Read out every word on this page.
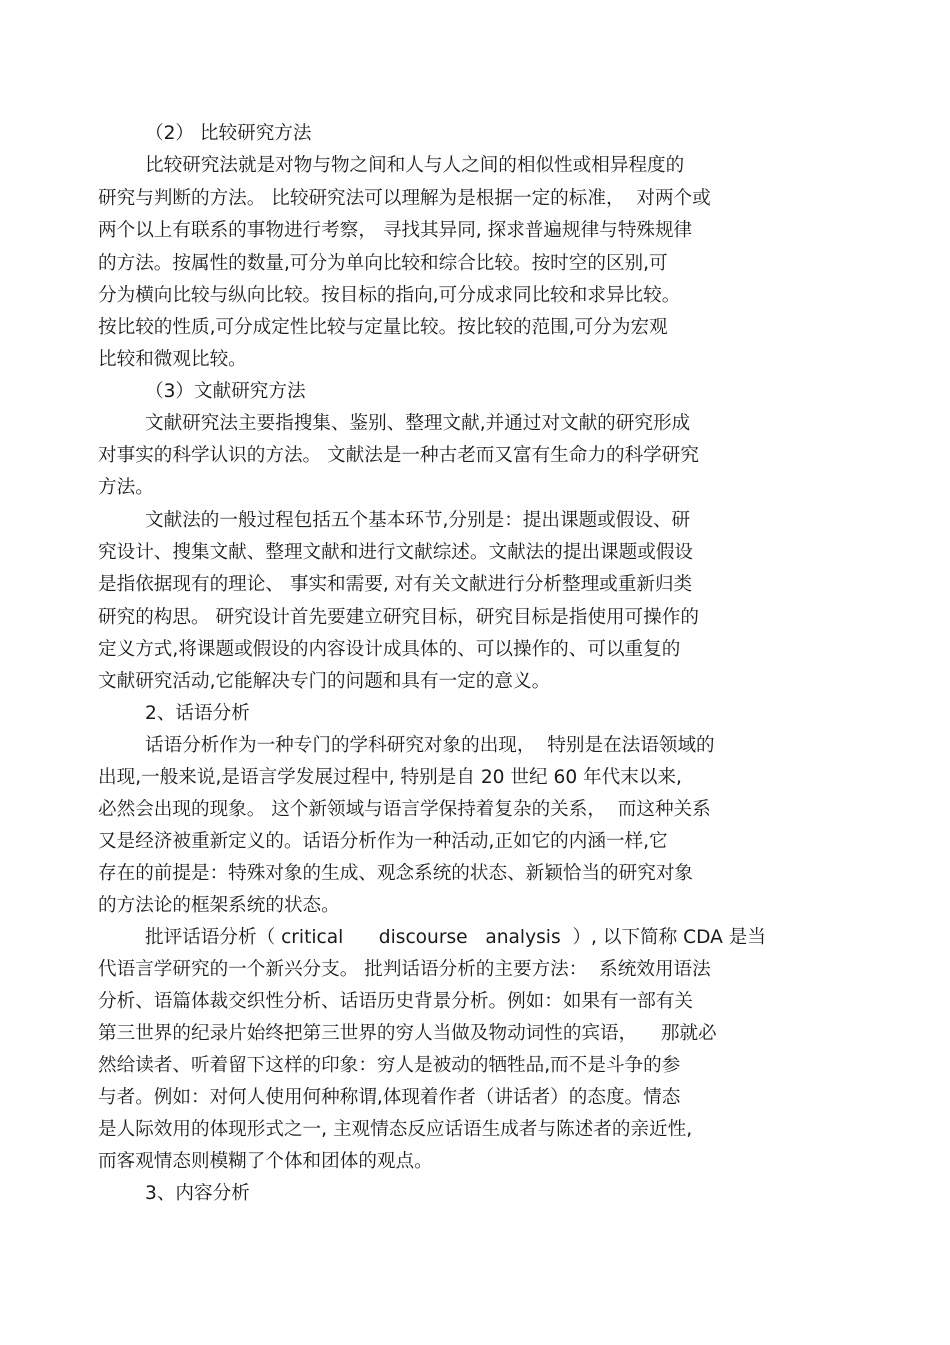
（2） 比较研究方法

比较研究法就是对物与物之间和人与人之间的相似性或相异程度的

研究与判断的方法。 比较研究法可以理解为是根据一定的标准，  对两个或

两个以上有联系的事物进行考察， 寻找其异同, 探求普遍规律与特殊规律

的方法。按属性的数量,可分为单向比较和综合比较。按时空的区别,可

分为横向比较与纵向比较。按目标的指向,可分成求同比较和求异比较。

按比较的性质,可分成定性比较与定量比较。按比较的范围,可分为宏观

比较和微观比较。

（3）文献研究方法

文献研究法主要指搜集、鉴别、整理文献,并通过对文献的研究形成

对事实的科学认识的方法。 文献法是一种古老而又富有生命力的科学研究

方法。

文献法的一般过程包括五个基本环节,分别是：提出课题或假设、研

究设计、搜集文献、整理文献和进行文献综述。文献法的提出课题或假设

是指依据现有的理论、 事实和需要, 对有关文献进行分析整理或重新归类

研究的构思。 研究设计首先要建立研究目标，研究目标是指使用可操作的

定义方式,将课题或假设的内容设计成具体的、可以操作的、可以重复的

文献研究活动,它能解决专门的问题和具有一定的意义。

2、话语分析

话语分析作为一种专门的学科研究对象的出现，  特别是在法语领域的

出现,一般来说,是语言学发展过程中, 特别是自 20 世纪 60 年代末以来,

必然会出现的现象。 这个新领域与语言学保持着复杂的关系，  而这种关系

又是经济被重新定义的。话语分析作为一种活动,正如它的内涵一样,它

存在的前提是：特殊对象的生成、观念系统的状态、新颖恰当的研究对象

的方法论的框架系统的状态。

批评话语分析（ critical      discourse   analysis  ）, 以下简称 CDA 是当

代语言学研究的一个新兴分支。 批判话语分析的主要方法：  系统效用语法

分析、语篇体裁交织性分析、话语历史背景分析。例如：如果有一部有关

第三世界的纪录片始终把第三世界的穷人当做及物动词性的宾语，    那就必

然给读者、听着留下这样的印象：穷人是被动的牺牲品,而不是斗争的参

与者。例如：对何人使用何种称谓,体现着作者（讲话者）的态度。情态

是人际效用的体现形式之一, 主观情态反应话语生成者与陈述者的亲近性,

而客观情态则模糊了个体和团体的观点。

3、内容分析
